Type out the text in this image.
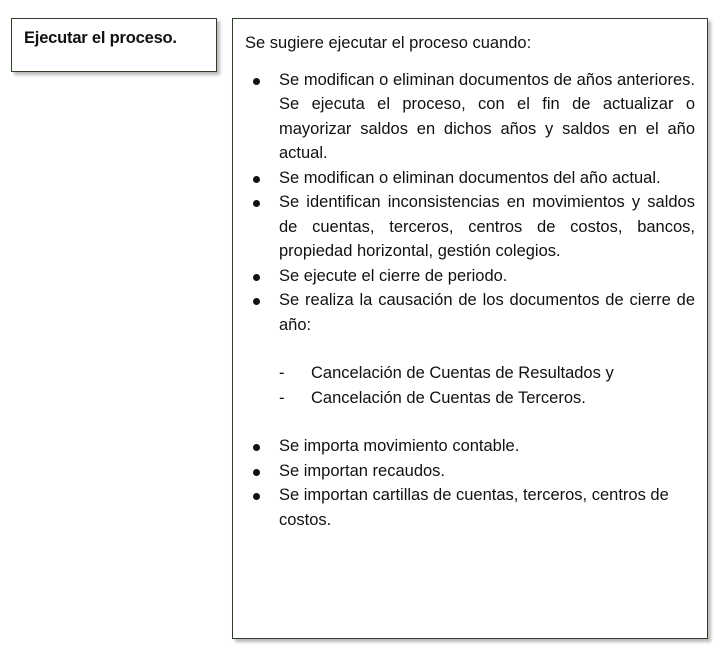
Ejecutar el proceso.	Se sugiere ejecutar el proceso cuando:

Se modifican o eliminan documentos de años anteriores. Se ejecuta el proceso, con el fin de actualizar o mayorizar saldos en dichos años y saldos en el año actual.
Se modifican o eliminan documentos del año actual.
Se identifican inconsistencias en movimientos y saldos de cuentas, terceros, centros de costos, bancos, propiedad horizontal, gestión colegios.
Se ejecute el cierre de periodo.
Se realiza la causación de los documentos de cierre de año:
- Cancelación de Cuentas de Resultados y
- Cancelación de Cuentas de Terceros.
Se importa movimiento contable.
Se importan recaudos.
Se importan cartillas de cuentas, terceros, centros de costos.
